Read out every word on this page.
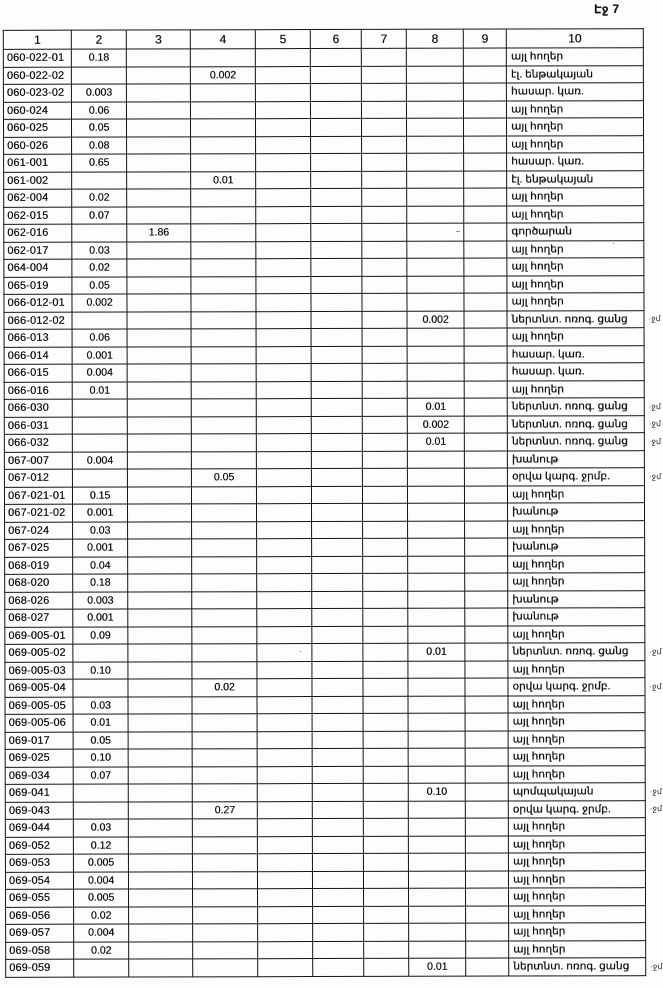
Էջ 7
1	2	3	4	5	6	7	8	9	10	
060-022-01	0.18								այլ հողեր	
060-022-02			0.002						էլ. ենթակայան	
060-023-02	0.003								հասար. կառ.	
060-024	0.06								այլ հողեր	
060-025	0.05								այլ հողեր	
060-026	0.08								այլ հողեր	
061-001	0.65								հասար. կառ.	
061-002			0.01						էլ. ենթակայան	
062-004	0.02								այլ հողեր	
062-015	0.07								այլ հողեր	
062-016		1.86							գործարան	
062-017	0.03								այլ հողեր	
064-004	0.02								այլ հողեր	
065-019	0.05								այլ հողեր	
066-012-01	0.002								այլ հողեր	
066-012-02							0.002		ներտնտ. ոռոգ. ցանց	·ջմ
066-013	0.06								այլ հողեր	
066-014	0.001								հասար. կառ.	
066-015	0.004								հասար. կառ.	
066-016	0.01								այլ հողեր	
066-030							0.01		ներտնտ. ոռոգ. ցանց	·ջմ
066-031							0.002		ներտնտ. ոռոգ. ցանց	·ջմ
066-032							0.01		ներտնտ. ոռոգ. ցանց	·ջմ
067-007	0.004								խանութ	
067-012			0.05						օրվա կարգ. ջրմբ.	·ջմ
067-021-01	0.15								այլ հողեր	
067-021-02	0.001								խանութ	
067-024	0.03								այլ հողեր	
067-025	0.001								խանութ	
068-019	0.04								այլ հողեր	
068-020	0.18								այլ հողեր	
068-026	0.003								խանութ	
068-027	0.001								խանութ	
069-005-01	0.09								այլ հողեր	
069-005-02							0.01		ներտնտ. ոռոգ. ցանց	·ջմ
069-005-03	0.10								այլ հողեր	
069-005-04			0.02						օրվա կարգ. ջրմբ.	·ջմ
069-005-05	0.03								այլ հողեր	
069-005-06	0.01								այլ հողեր	
069-017	0.05								այլ հողեր	
069-025	0.10								այլ հողեր	
069-034	0.07								այլ հողեր	
069-041							0.10		պոմպակայան	·ջմ
069-043			0.27						օրվա կարգ. ջրմբ.	·ջմ
069-044	0.03								այլ հողեր	
069-052	0.12								այլ հողեր	
069-053	0.005								այլ հողեր	
069-054	0.004								այլ հողեր	
069-055	0.005								այլ հողեր	
069-056	0.02								այլ հողեր	
069-057	0.004								այլ հողեր	
069-058	0.02								այլ հողեր	
069-059							0.01		ներտնտ. ոռոգ. ցանց	·ջմ
~
·
·
